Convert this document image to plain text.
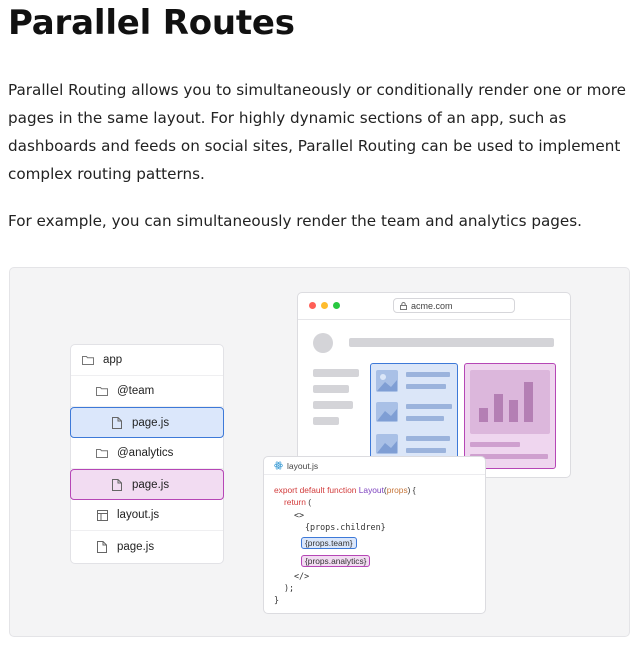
Parallel Routes

Parallel Routing allows you to simultaneously or conditionally render one or more pages in the same layout. For highly dynamic sections of an app, such as dashboards and feeds on social sites, Parallel Routing can be used to implement complex routing patterns.

For example, you can simultaneously render the team and analytics pages.

app
@team
page.js
@analytics
page.js
layout.js
page.js
acme.com
layout.js
export default function Layout(props) {
return (
<>
{props.children}
{props.team}
{props.analytics}
</>
);
}
